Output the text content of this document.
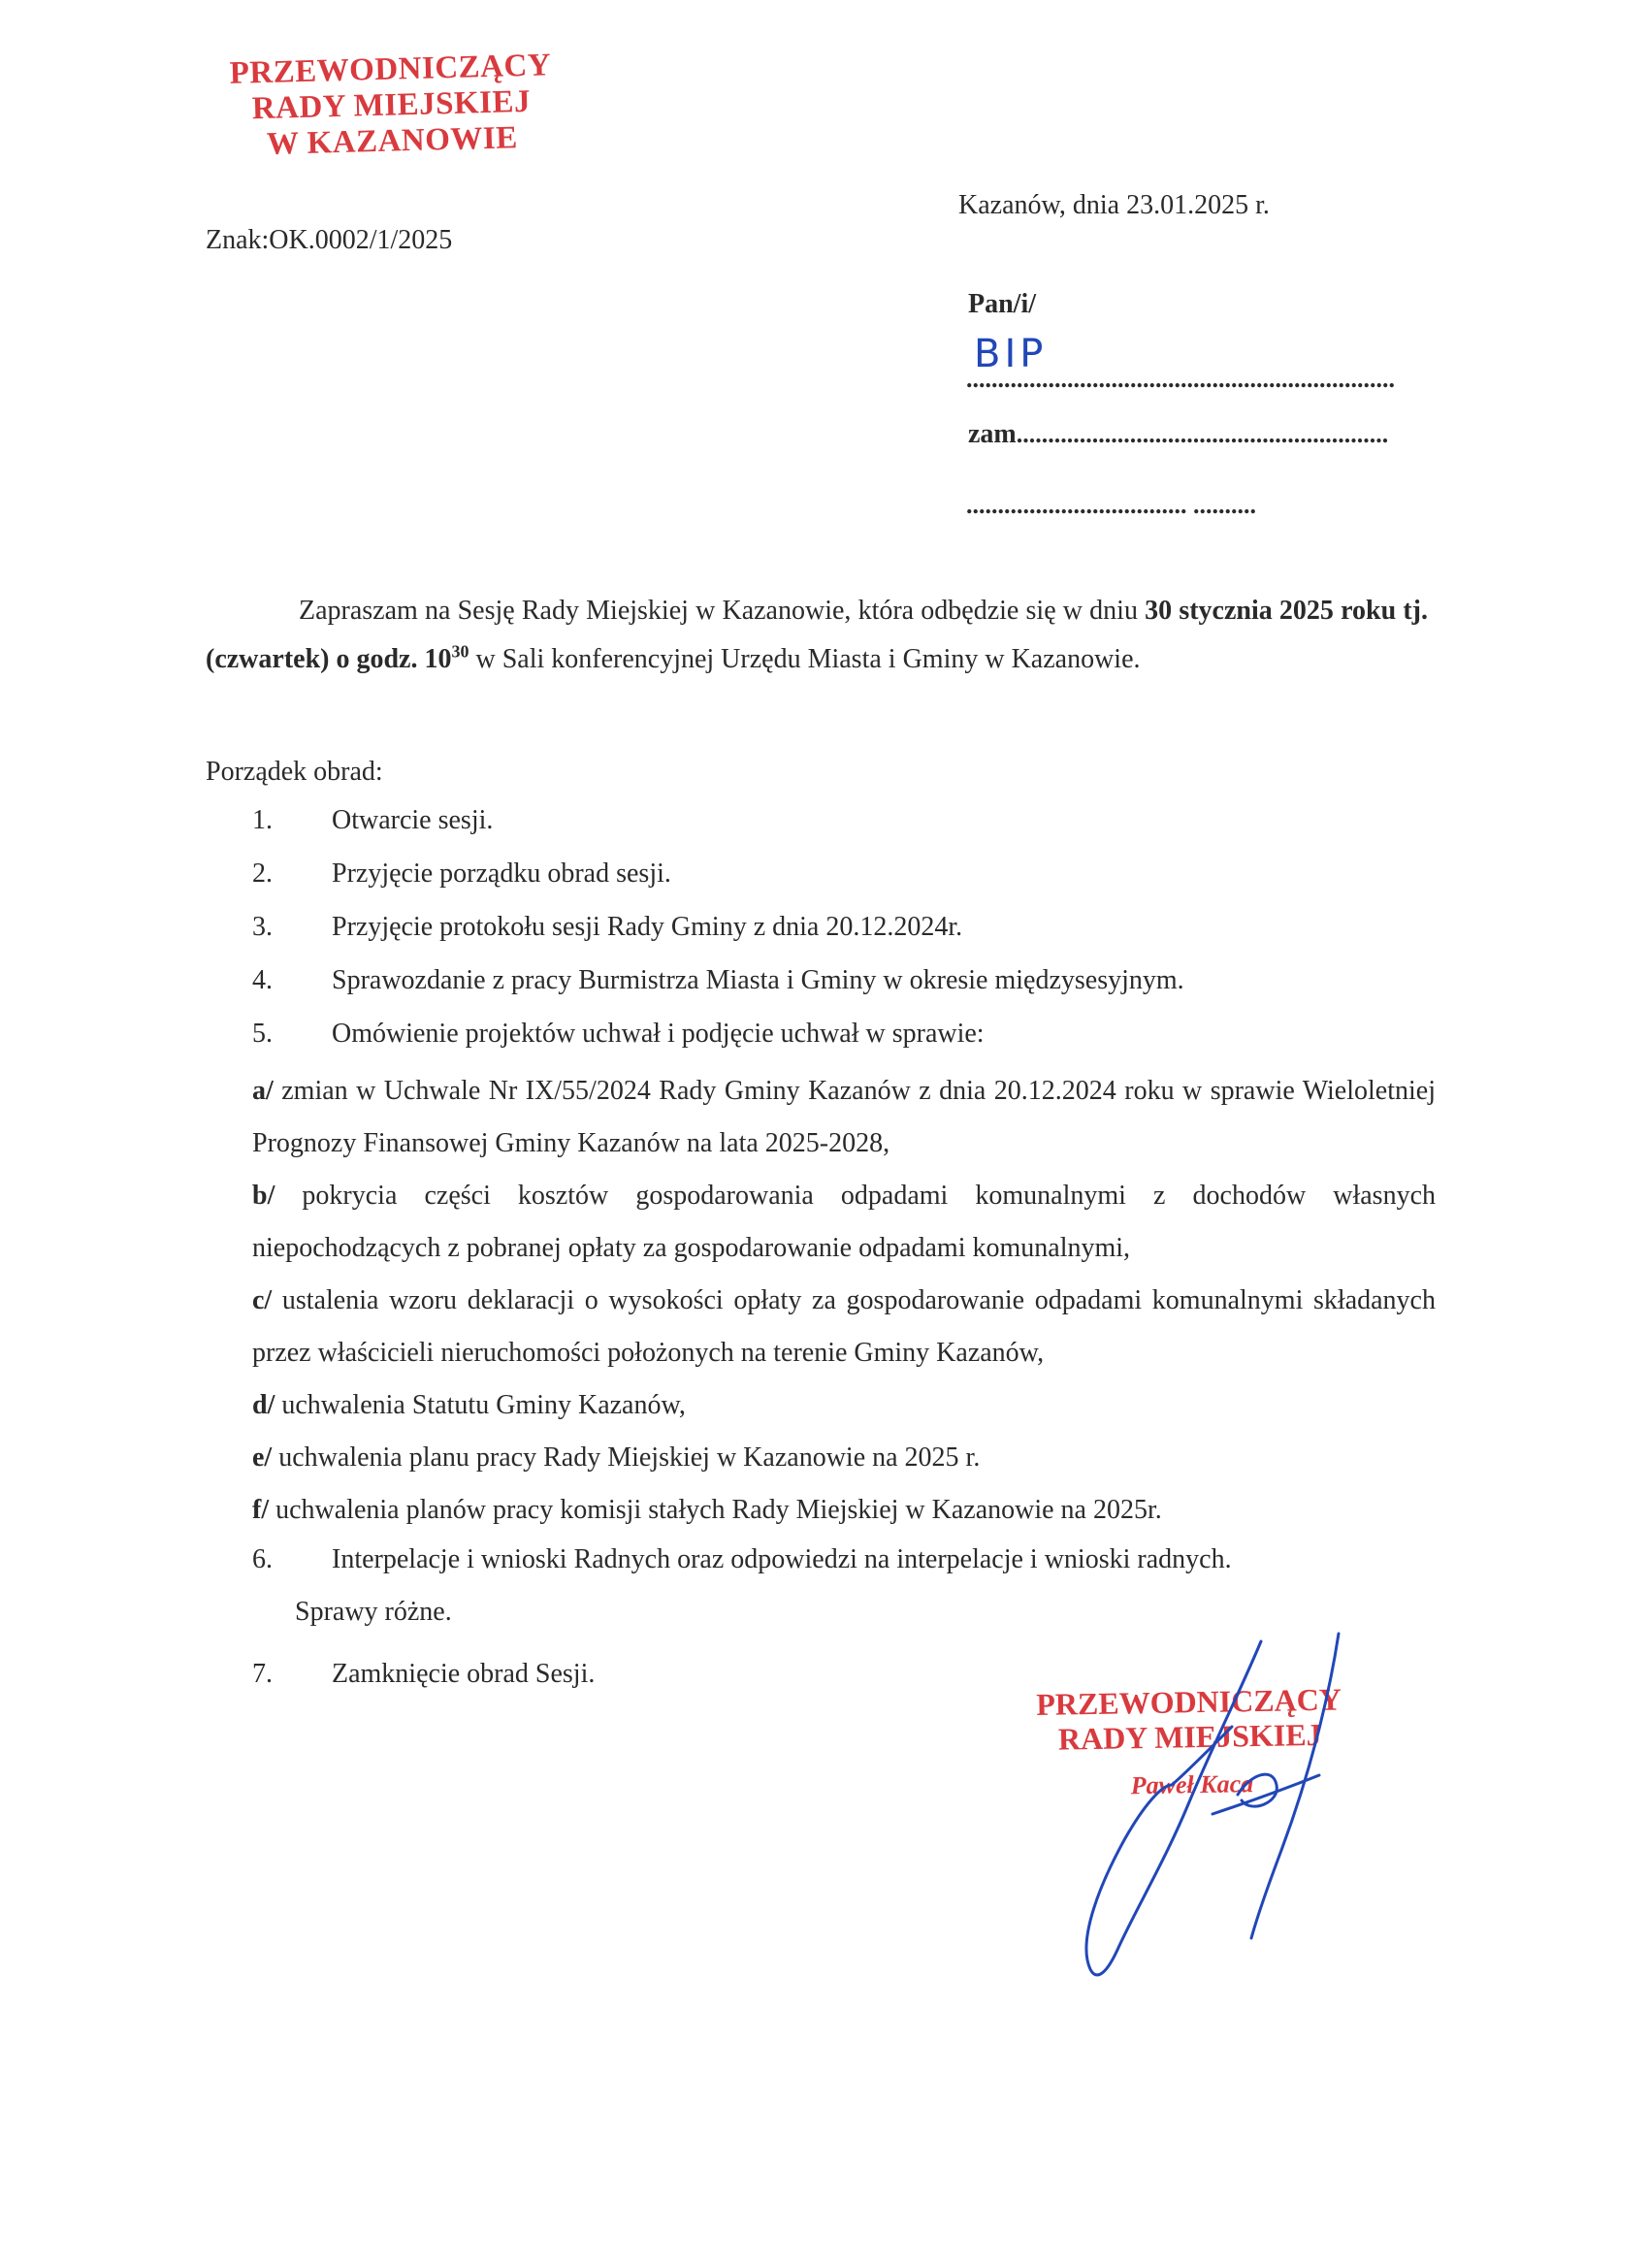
PRZEWODNICZĄCY
RADY MIEJSKIEJ
W KAZANOWIE
Kazanów, dnia 23.01.2025 r.
Znak:OK.0002/1/2025
Pan/i/
BIP
....................................................................
zam...........................................................
................................... ..........
Zapraszam na Sesję Rady Miejskiej w Kazanowie, która odbędzie się w dniu 30 stycznia 2025 roku tj. (czwartek) o godz. $10^{30}$ w Sali konferencyjnej Urzędu Miasta i Gminy w Kazanowie.
Porządek obrad:
1. Otwarcie sesji.
2. Przyjęcie porządku obrad sesji.
3. Przyjęcie protokołu sesji Rady Gminy z dnia 20.12.2024r.
4. Sprawozdanie z pracy Burmistrza Miasta i Gminy w okresie międzysesyjnym.
5. Omówienie projektów uchwał i podjęcie uchwał w sprawie:
a/ zmian w Uchwale Nr IX/55/2024 Rady Gminy Kazanów z dnia 20.12.2024 roku w sprawie Wieloletniej Prognozy Finansowej Gminy Kazanów na lata 2025-2028,
b/ pokrycia części kosztów gospodarowania odpadami komunalnymi z dochodów własnych niepochodzących z pobranej opłaty za gospodarowanie odpadami komunalnymi,
c/ ustalenia wzoru deklaracji o wysokości opłaty za gospodarowanie odpadami komunalnymi składanych przez właścicieli nieruchomości położonych na terenie Gminy Kazanów,
d/ uchwalenia Statutu Gminy Kazanów,
e/ uchwalenia planu pracy Rady Miejskiej w Kazanowie na 2025 r.
f/ uchwalenia planów pracy komisji stałych Rady Miejskiej w Kazanowie na 2025r.
6. Interpelacje i wnioski Radnych oraz odpowiedzi na interpelacje i wnioski radnych.
Sprawy różne.
7. Zamknięcie obrad Sesji.
PRZEWODNICZĄCY
RADY MIEJSKIEJ
Paweł Kaca
